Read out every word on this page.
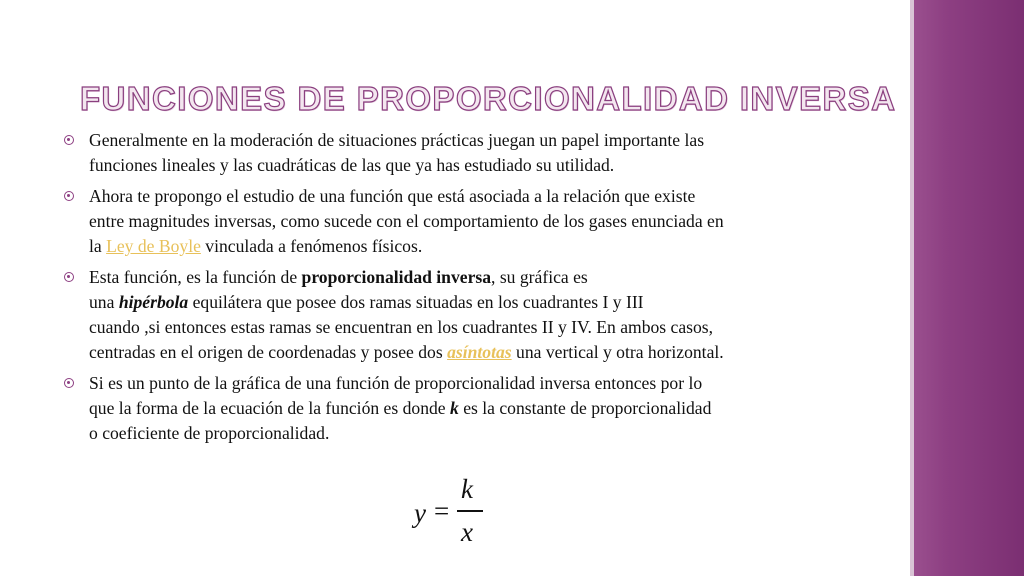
FUNCIONES DE PROPORCIONALIDAD INVERSA
Generalmente en la moderación de situaciones prácticas juegan un papel importante las
funciones lineales y las cuadráticas de las que ya has estudiado su utilidad.
Ahora te propongo el estudio de una función que está asociada a la relación que existe
entre magnitudes inversas, como sucede con el comportamiento de los gases enunciada en
la Ley de Boyle vinculada a fenómenos físicos.
Esta función, es la función de proporcionalidad inversa, su gráfica es
una hipérbola equilátera que posee dos ramas situadas en los cuadrantes I y III
cuando ,si entonces estas ramas se encuentran en los cuadrantes II y IV. En ambos casos,
centradas en el origen de coordenadas y posee dos asíntotas una vertical y otra horizontal.
Si es un punto de la gráfica de una función de proporcionalidad inversa entonces por lo
que la forma de la ecuación de la función es donde k es la constante de proporcionalidad
o coeficiente de proporcionalidad.
y =
k
x
